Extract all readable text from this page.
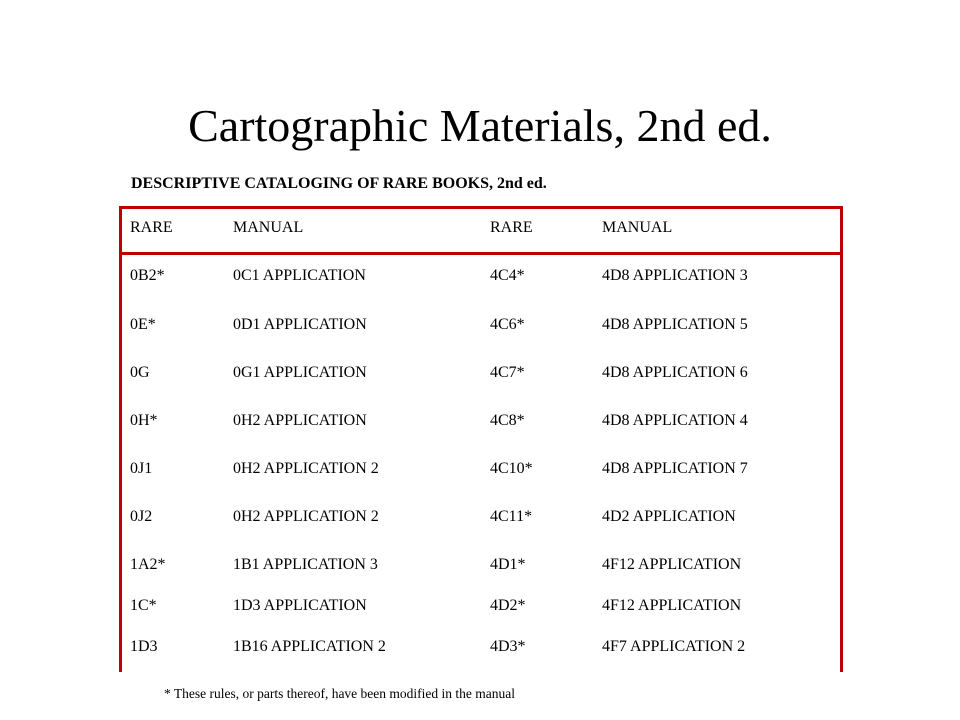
Cartographic Materials, 2nd ed.
DESCRIPTIVE CATALOGING OF RARE BOOKS, 2nd ed.
RARE	MANUAL	RARE	MANUAL
0B2*	0C1 APPLICATION	4C4*	4D8 APPLICATION 3
0E*	0D1 APPLICATION	4C6*	4D8 APPLICATION 5
0G	0G1 APPLICATION	4C7*	4D8 APPLICATION 6
0H*	0H2 APPLICATION	4C8*	4D8 APPLICATION 4
0J1	0H2 APPLICATION 2	4C10*	4D8 APPLICATION 7
0J2	0H2 APPLICATION 2	4C11*	4D2 APPLICATION
1A2*	1B1 APPLICATION 3	4D1*	4F12 APPLICATION
1C*	1D3 APPLICATION	4D2*	4F12 APPLICATION
1D3	1B16 APPLICATION 2	4D3*	4F7 APPLICATION 2
* These rules, or parts thereof, have been modified in the manual
